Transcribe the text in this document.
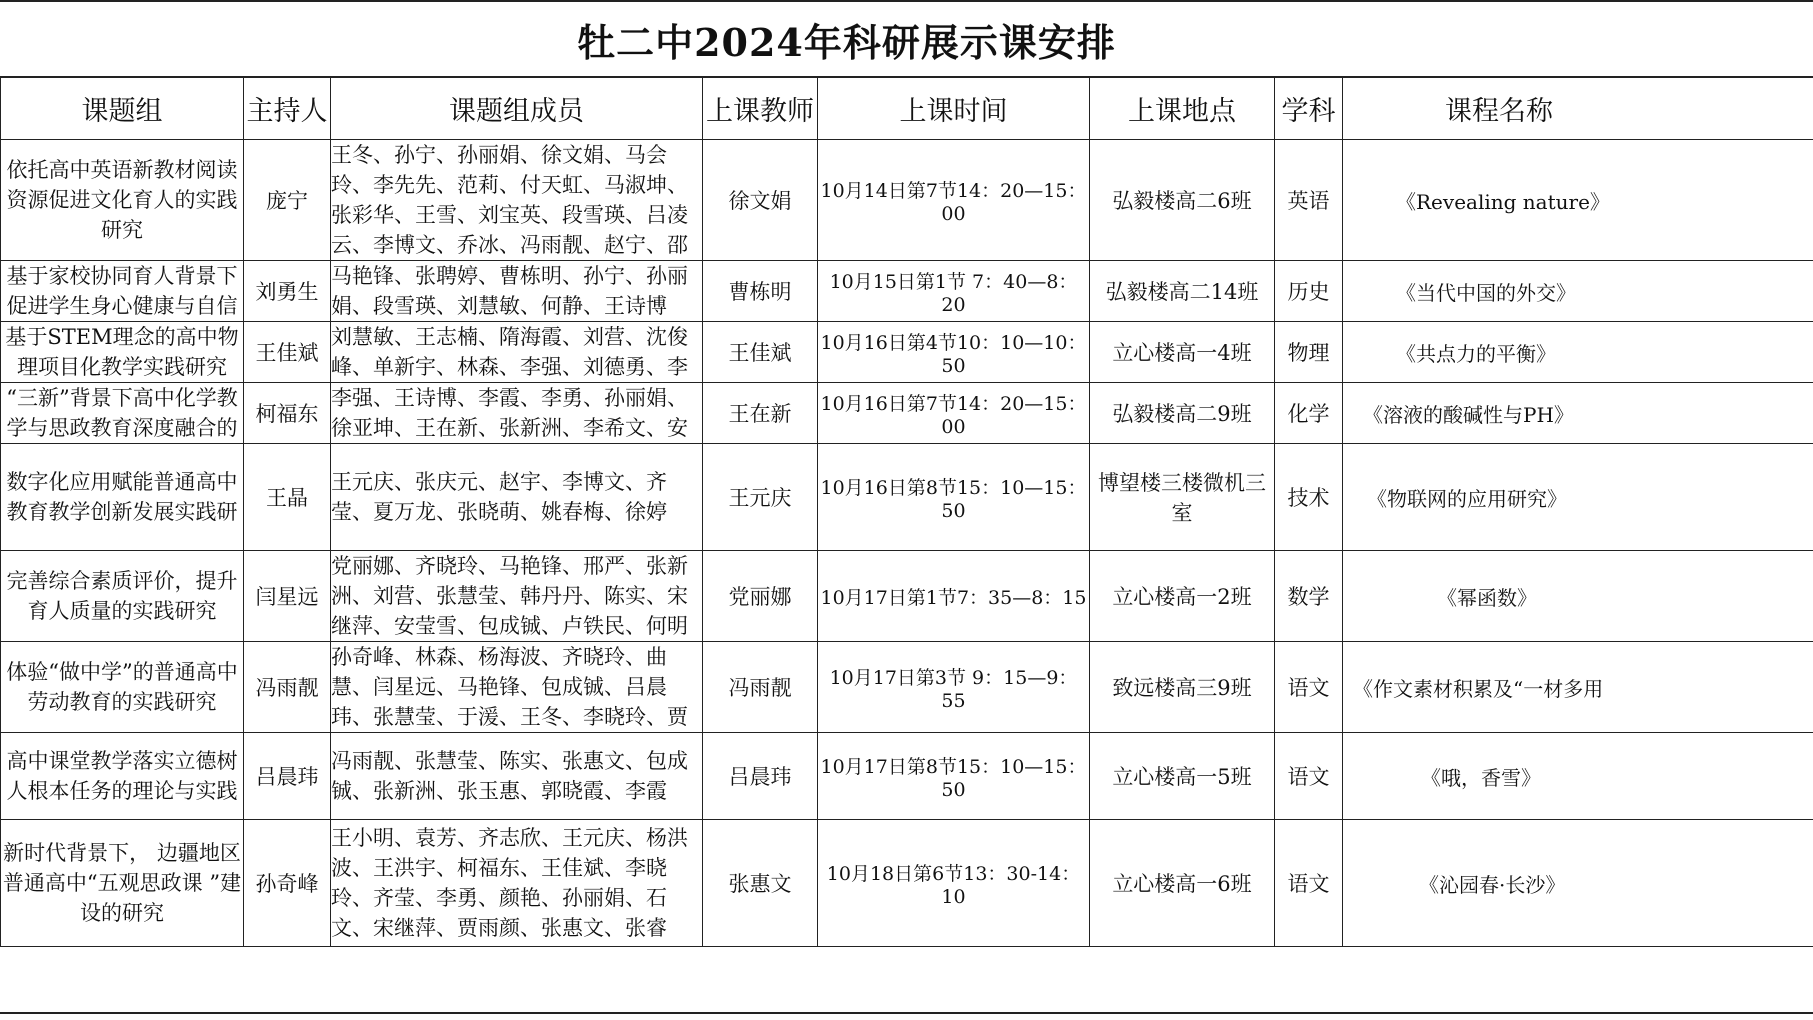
牡二中2024年科研展示课安排
课题组	主持人	课题组成员	上课教师	上课时间	上课地点	学科	课程名称

依托高中英语新教材阅读资源促进文化育人的实践研究	庞宁	王冬、孙宁、孙丽娟、徐文娟、马会玲、李先先、范莉、付天虹、马淑坤、张彩华、王雪、刘宝英、段雪瑛、吕凌云、李博文、乔冰、冯雨靓、赵宁、邵	徐文娟	10月14日第7节14：20—15：00	弘毅楼高二6班	英语	《Revealing nature》

基于家校协同育人背景下促进学生身心健康与自信	刘勇生	马艳锋、张聘婷、曹栋明、孙宁、孙丽娟、段雪瑛、刘慧敏、何静、王诗博	曹栋明	10月15日第1节 7：40—8：20	弘毅楼高二14班	历史	《当代中国的外交》

基于STEM理念的高中物理项目化教学实践研究	王佳斌	刘慧敏、王志楠、隋海霞、刘营、沈俊峰、单新宇、林森、李强、刘德勇、李	王佳斌	10月16日第4节10：10—10：50	立心楼高一4班	物理	《共点力的平衡》

“三新”背景下高中化学教学与思政教育深度融合的	柯福东	李强、王诗博、李霞、李勇、孙丽娟、徐亚坤、王在新、张新洲、李希文、安	王在新	10月16日第7节14：20—15：00	弘毅楼高二9班	化学	《溶液的酸碱性与PH》

数字化应用赋能普通高中教育教学创新发展实践研	王晶	王元庆、张庆元、赵宇、李博文、齐莹、夏万龙、张晓萌、姚春梅、徐婷	王元庆	10月16日第8节15：10—15：50	博望楼三楼微机三室	技术	《物联网的应用研究》

完善综合素质评价，提升育人质量的实践研究	闫星远	党丽娜、齐晓玲、马艳锋、邢严、张新洲、刘营、张慧莹、韩丹丹、陈实、宋继萍、安莹雪、包成铖、卢铁民、何明	党丽娜	10月17日第1节7：35—8：15	立心楼高一2班	数学	《幂函数》

体验“做中学”的普通高中劳动教育的实践研究	冯雨靓	孙奇峰、林森、杨海波、齐晓玲、曲慧、闫星远、马艳锋、包成铖、吕晨玮、张慧莹、于湲、王冬、李晓玲、贾	冯雨靓	10月17日第3节 9：15—9：55	致远楼高三9班	语文	《作文素材积累及“一材多用

高中课堂教学落实立德树人根本任务的理论与实践	吕晨玮	冯雨靓、张慧莹、陈实、张惠文、包成铖、张新洲、张玉惠、郭晓霞、李霞	吕晨玮	10月17日第8节15：10—15：50	立心楼高一5班	语文	《哦，香雪》

新时代背景下， 边疆地区普通高中“五观思政课 ”建设的研究	孙奇峰	王小明、袁芳、齐志欣、王元庆、杨洪波、王洪宇、柯福东、王佳斌、李晓玲、齐莹、李勇、颜艳、孙丽娟、石文、宋继萍、贾雨颜、张惠文、张睿	张惠文	10月18日第6节13：30-14：10	立心楼高一6班	语文	《沁园春·长沙》
